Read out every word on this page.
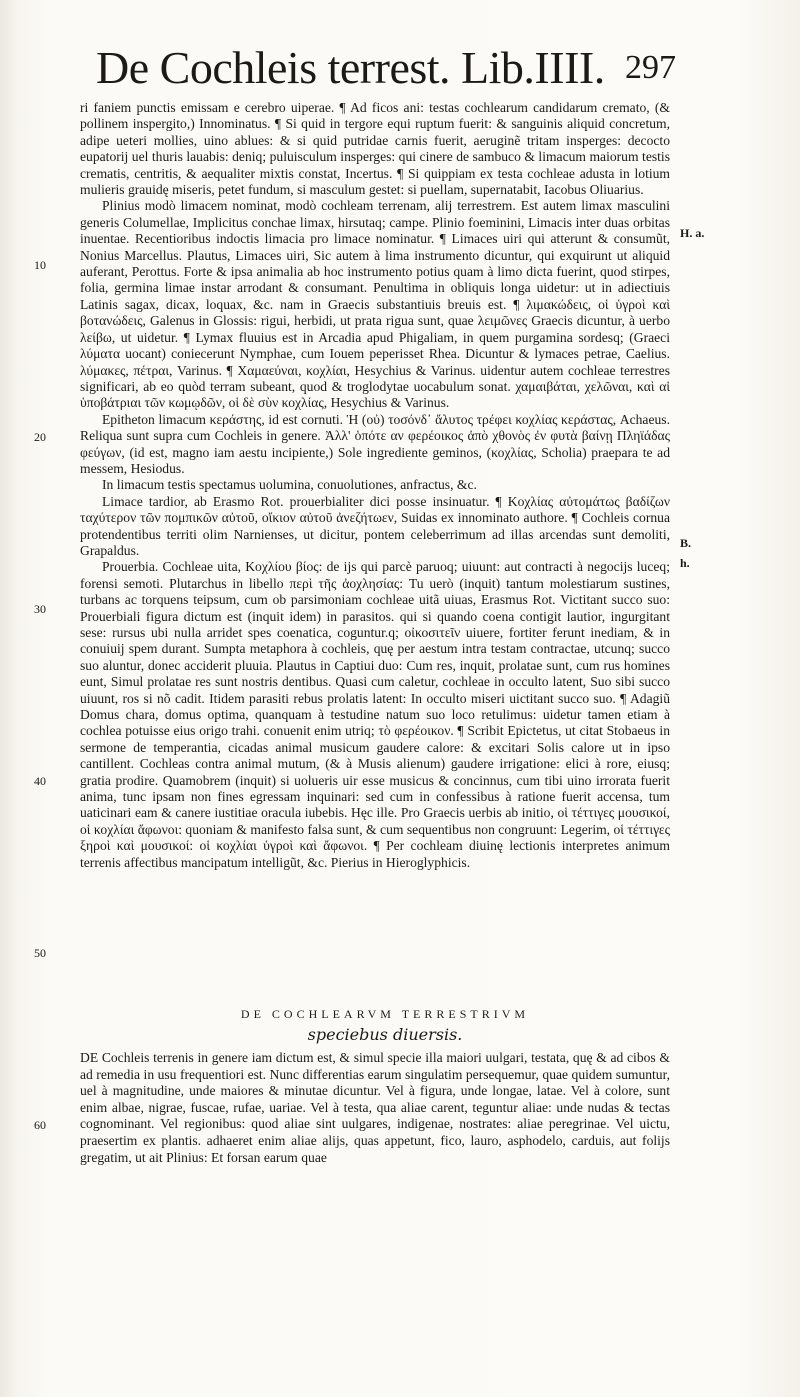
De Cochleis terrest. Lib.IIII. 297
10
20
30
40
50
60
H. a.
B.
h.

ri faniem punctis emissam e cerebro uiperae. ¶ Ad ficos ani: testas cochlearum candidarum cremato, (& pollinem inspergito,) Innominatus. ¶ Si quid in tergore equi ruptum fuerit: & sanguinis aliquid concretum, adipe ueteri mollies, uino ablues: & si quid putridae carnis fuerit, aeruginẽ tritam insperges: decocto eupatorij uel thuris lauabis: deniq; puluisculum insperges: qui cinere de sambuco & limacum maiorum testis crematis, centritis, & aequaliter mixtis constat, Incertus. ¶ Si quippiam ex testa cochleae adusta in lotium mulieris grauidę miseris, petet fundum, si masculum gestet: si puellam, supernatabit, Iacobus Oliuarius.

Plinius modò limacem nominat, modò cochleam terrenam, alij terrestrem. Est autem limax masculini generis Columellae, Implicitus conchae limax, hirsutaq; campe. Plinio foeminini, Limacis inter duas orbitas inuentae. Recentioribus indoctis limacia pro limace nominatur. ¶ Limaces uiri qui atterunt & consumũt, Nonius Marcellus. Plautus, Limaces uiri, Sic autem à lima instrumento dicuntur, qui exquirunt ut aliquid auferant, Perottus. Forte & ipsa animalia ab hoc instrumento potius quam à limo dicta fuerint, quod stirpes, folia, germina limae instar arrodant & consumant. Penultima in obliquis longa uidetur: ut in adiectiuis Latinis sagax, dicax, loquax, &c. nam in Graecis substantiuis breuis est. ¶ λιμακώδεις, οἱ ὑγροὶ καὶ βοτανώδεις, Galenus in Glossis: rigui, herbidi, ut prata rigua sunt, quae λειμῶνες Graecis dicuntur, à uerbo λείβω, ut uidetur. ¶ Lymax fluuius est in Arcadia apud Phigaliam, in quem purgamina sordesq; (Graeci λύματα uocant) coniecerunt Nymphae, cum Iouem peperisset Rhea. Dicuntur & lymaces petrae, Caelius. λύμακες, πέτραι, Varinus. ¶ Χαμαεύναι, κοχλίαι, Hesychius & Varinus. uidentur autem cochleae terrestres significari, ab eo quòd terram subeant, quod & troglodytae uocabulum sonat. χαμαιβάται, χελῶναι, καὶ αἱ ὑποβάτριαι τῶν κωμῳδῶν, οἱ δὲ σὺν κοχλίας, Hesychius & Varinus.

Epitheton limacum κεράστης, id est cornuti. Ἡ (οὐ) τοσόνδ᾽ ἄλυτος τρέφει κοχλίας κεράστας, Achaeus. Reliqua sunt supra cum Cochleis in genere. Ἀλλ' ὁπότε αν φερέοικος ἀπὸ χθονὸς ἐν φυτὰ βαίνῃ Πληϊάδας φεύγων, (id est, magno iam aestu incipiente,) Sole ingrediente geminos, (κοχλίας, Scholia) praepara te ad messem, Hesiodus.

In limacum testis spectamus uolumina, conuolutiones, anfractus, &c.

Limace tardior, ab Erasmo Rot. prouerbialiter dici posse insinuatur. ¶ Κοχλίας αὐτομάτως βαδίζων ταχύτερον τῶν πομπικῶν αὐτοῦ, οἴκιον αὐτοῦ ἀνεζήτωεν, Suidas ex innominato authore. ¶ Cochleis cornua protendentibus territi olim Narnienses, ut dicitur, pontem celeberrimum ad illas arcendas sunt demoliti, Grapaldus.

Prouerbia. Cochleae uita, Κοχλίου βίος: de ijs qui parcè paruoq; uiuunt: aut contracti à negocijs luceq; forensi semoti. Plutarchus in libello περὶ τῆς ἀοχλησίας: Tu uerò (inquit) tantum molestiarum sustines, turbans ac torquens teipsum, cum ob parsimoniam cochleae uitã uiuas, Erasmus Rot. Victitant succo suo: Prouerbiali figura dictum est (inquit idem) in parasitos. qui si quando coena contigit lautior, ingurgitant sese: rursus ubi nulla arridet spes coenatica, coguntur.q; οἰκοσιτεῖν uiuere, fortiter ferunt inediam, & in conuiuij spem durant. Sumpta metaphora à cochleis, quę per aestum intra testam contractae, utcunq; succo suo aluntur, donec acciderit pluuia. Plautus in Captiui duo: Cum res, inquit, prolatae sunt, cum rus homines eunt, Simul prolatae res sunt nostris dentibus. Quasi cum caletur, cochleae in occulto latent, Suo sibi succo uiuunt, ros si nõ cadit. Itidem parasiti rebus prolatis latent: In occulto miseri uictitant succo suo. ¶ Adagiũ Domus chara, domus optima, quanquam à testudine natum suo loco retulimus: uidetur tamen etiam à cochlea potuisse eius origo trahi. conuenit enim utriq; τὸ φερέοικον. ¶ Scribit Epictetus, ut citat Stobaeus in sermone de temperantia, cicadas animal musicum gaudere calore: & excitari Solis calore ut in ipso cantillent. Cochleas contra animal mutum, (& à Musis alienum) gaudere irrigatione: elici à rore, eiusq; gratia prodire. Quamobrem (inquit) si uolueris uir esse musicus & concinnus, cum tibi uino irrorata fuerit anima, tunc ipsam non fines egressam inquinari: sed cum in confessibus à ratione fuerit accensa, tum uaticinari eam & canere iustitiae oracula iubebis. Hęc ille. Pro Graecis uerbis ab initio, οἱ τέττιγες μουσικοί, οἱ κοχλίαι ἄφωνοι: quoniam & manifesto falsa sunt, & cum sequentibus non congruunt: Legerim, οἱ τέττιγες ξηροὶ καὶ μουσικοί: οἱ κοχλίαι ὑγροὶ καὶ ἄφωνοι. ¶ Per cochleam diuinę lectionis interpretes animum terrenis affectibus mancipatum intelligũt, &c. Pierius in Hieroglyphicis.

DE COCHLEARVM TERRESTRIVM
speciebus diuersis.

DE Cochleis terrenis in genere iam dictum est, & simul specie illa maiori uulgari, testata, quę & ad cibos & ad remedia in usu frequentiori est. Nunc differentias earum singulatim persequemur, quae quidem sumuntur, uel à magnitudine, unde maiores & minutae dicuntur. Vel à figura, unde longae, latae. Vel à colore, sunt enim albae, nigrae, fuscae, rufae, uariae. Vel à testa, qua aliae carent, teguntur aliae: unde nudas & tectas cognominant. Vel regionibus: quod aliae sint uulgares, indigenae, nostrates: aliae peregrinae. Vel uictu, praesertim ex plantis. adhaeret enim aliae alijs, quas appetunt, fico, lauro, asphodelo, carduis, aut folijs gregatim, ut ait Plinius: Et forsan earum quae
